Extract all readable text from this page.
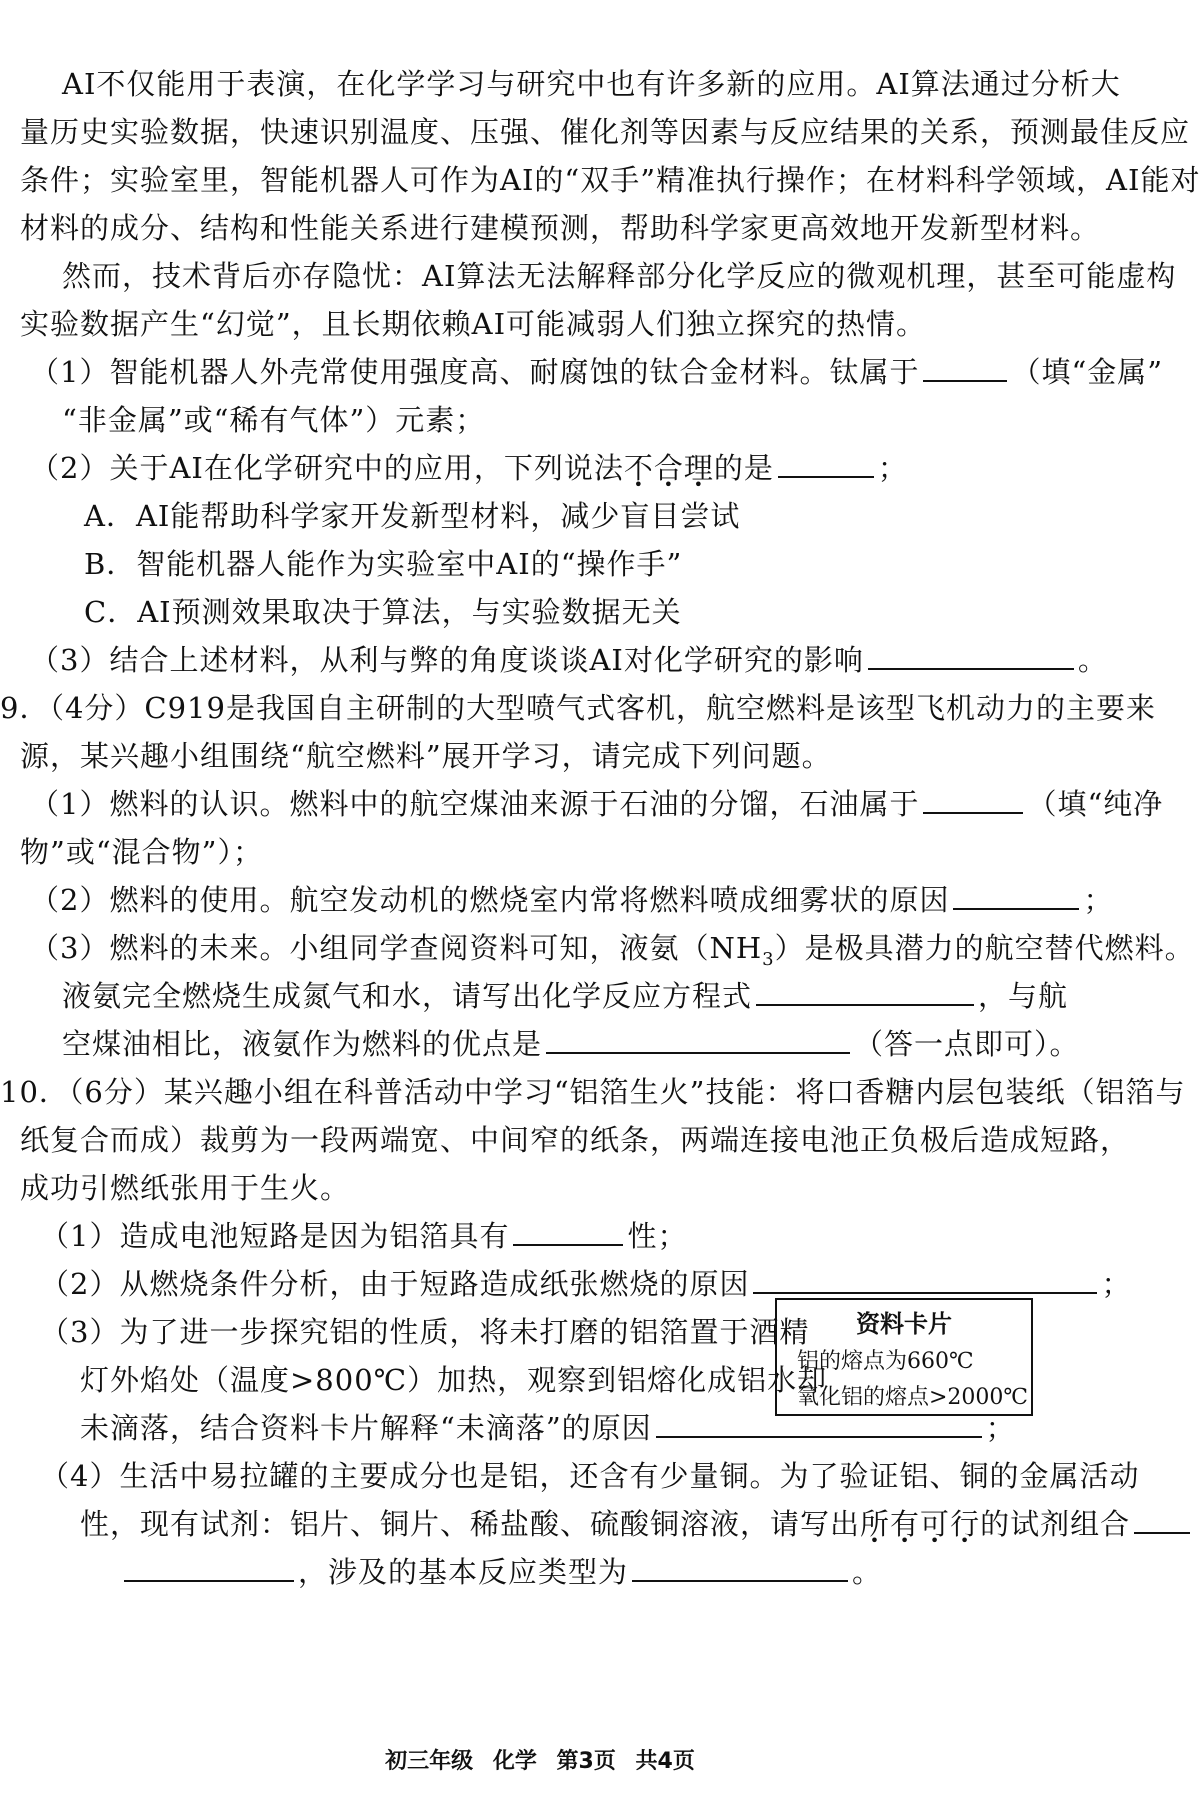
AI不仅能用于表演，在化学学习与研究中也有许多新的应用。AI算法通过分析大
量历史实验数据，快速识别温度、压强、催化剂等因素与反应结果的关系，预测最佳反应
条件；实验室里，智能机器人可作为AI的“双手”精准执行操作；在材料科学领域，AI能对
材料的成分、结构和性能关系进行建模预测，帮助科学家更高效地开发新型材料。
然而，技术背后亦存隐忧：AI算法无法解释部分化学反应的微观机理，甚至可能虚构
实验数据产生“幻觉”，且长期依赖AI可能减弱人们独立探究的热情。
（1）智能机器人外壳常使用强度高、耐腐蚀的钛合金材料。钛属于	（填“金属”
“非金属”或“稀有气体”）元素；
（2）关于AI在化学研究中的应用，下列说法不合理的是	；
A．AI能帮助科学家开发新型材料，减少盲目尝试
B．智能机器人能作为实验室中AI的“操作手”
C．AI预测效果取决于算法，与实验数据无关
（3）结合上述材料，从利与弊的角度谈谈AI对化学研究的影响	。
9．（4分）C919是我国自主研制的大型喷气式客机，航空燃料是该型飞机动力的主要来
源，某兴趣小组围绕“航空燃料”展开学习，请完成下列问题。
（1）燃料的认识。燃料中的航空煤油来源于石油的分馏，石油属于	（填“纯净
物”或“混合物”）；
（2）燃料的使用。航空发动机的燃烧室内常将燃料喷成细雾状的原因	；
（3）燃料的未来。小组同学查阅资料可知，液氨$(NH_3)$是极具潜力的航空替代燃料。
液氨完全燃烧生成氮气和水，请写出化学反应方程式	，与航
空煤油相比，液氨作为燃料的优点是	（答一点即可）。
10．（6分）某兴趣小组在科普活动中学习“铝箔生火”技能：将口香糖内层包装纸（铝箔与
纸复合而成）裁剪为一段两端宽、中间窄的纸条，两端连接电池正负极后造成短路，
成功引燃纸张用于生火。
（1）造成电池短路是因为铝箔具有	性；
（2）从燃烧条件分析，由于短路造成纸张燃烧的原因	；
（3）为了进一步探究铝的性质，将未打磨的铝箔置于酒精
灯外焰处（温度>800℃）加热，观察到铝熔化成铝水却
未滴落，结合资料卡片解释“未滴落”的原因	；
资料卡片
铝的熔点为660℃
氧化铝的熔点>2000℃
（4）生活中易拉罐的主要成分也是铝，还含有少量铜。为了验证铝、铜的金属活动
性，现有试剂：铝片、铜片、稀盐酸、硫酸铜溶液，请写出所有可行的试剂组合
，涉及的基本反应类型为	。
初三年级 化学 第3页 共4页
